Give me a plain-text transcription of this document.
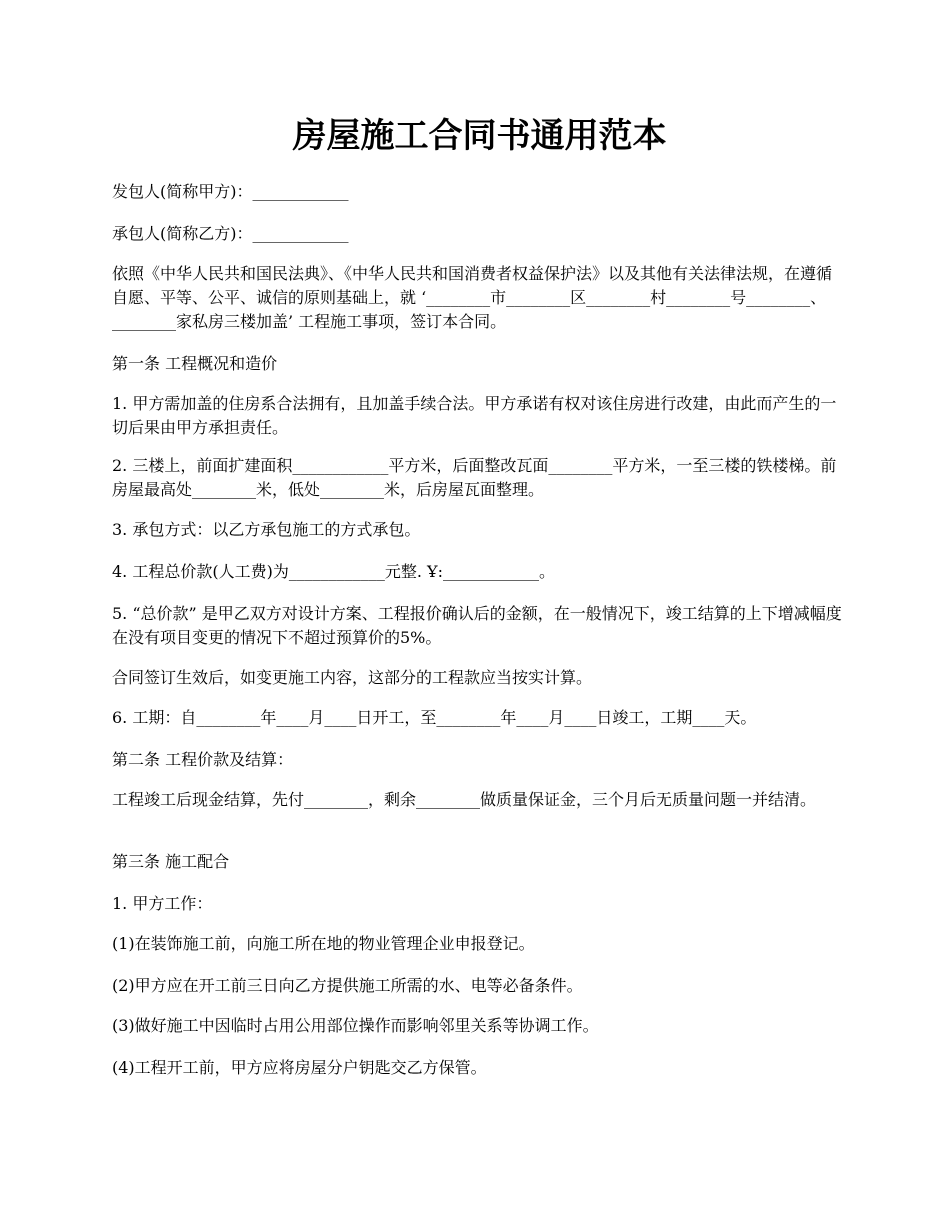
房屋施工合同书通用范本

发包人(简称甲方)：____________

承包人(简称乙方)：____________

依照《中华人民共和国民法典》、《中华人民共和国消费者权益保护法》以及其他有关法律法规，在遵循自愿、平等、公平、诚信的原则基础上，就 ‘________市________区________村________号________、________家私房三楼加盖’ 工程施工事项，签订本合同。

第一条 工程概况和造价

1. 甲方需加盖的住房系合法拥有，且加盖手续合法。甲方承诺有权对该住房进行改建，由此而产生的一切后果由甲方承担责任。

2. 三楼上，前面扩建面积____________平方米，后面整改瓦面________平方米，一至三楼的铁楼梯。前房屋最高处________米，低处________米，后房屋瓦面整理。

3. 承包方式：以乙方承包施工的方式承包。

4. 工程总价款(人工费)为____________元整. Ұ:____________。

5. “总价款” 是甲乙双方对设计方案、工程报价确认后的金额，在一般情况下，竣工结算的上下增减幅度在没有项目变更的情况下不超过预算价的5%。

合同签订生效后，如变更施工内容，这部分的工程款应当按实计算。

6. 工期：自________年____月____日开工，至________年____月____日竣工，工期____天。

第二条 工程价款及结算：

工程竣工后现金结算，先付________，剩余________做质量保证金，三个月后无质量问题一并结清。

第三条 施工配合

1. 甲方工作：

(1)在装饰施工前，向施工所在地的物业管理企业申报登记。

(2)甲方应在开工前三日向乙方提供施工所需的水、电等必备条件。

(3)做好施工中因临时占用公用部位操作而影响邻里关系等协调工作。

(4)工程开工前，甲方应将房屋分户钥匙交乙方保管。
